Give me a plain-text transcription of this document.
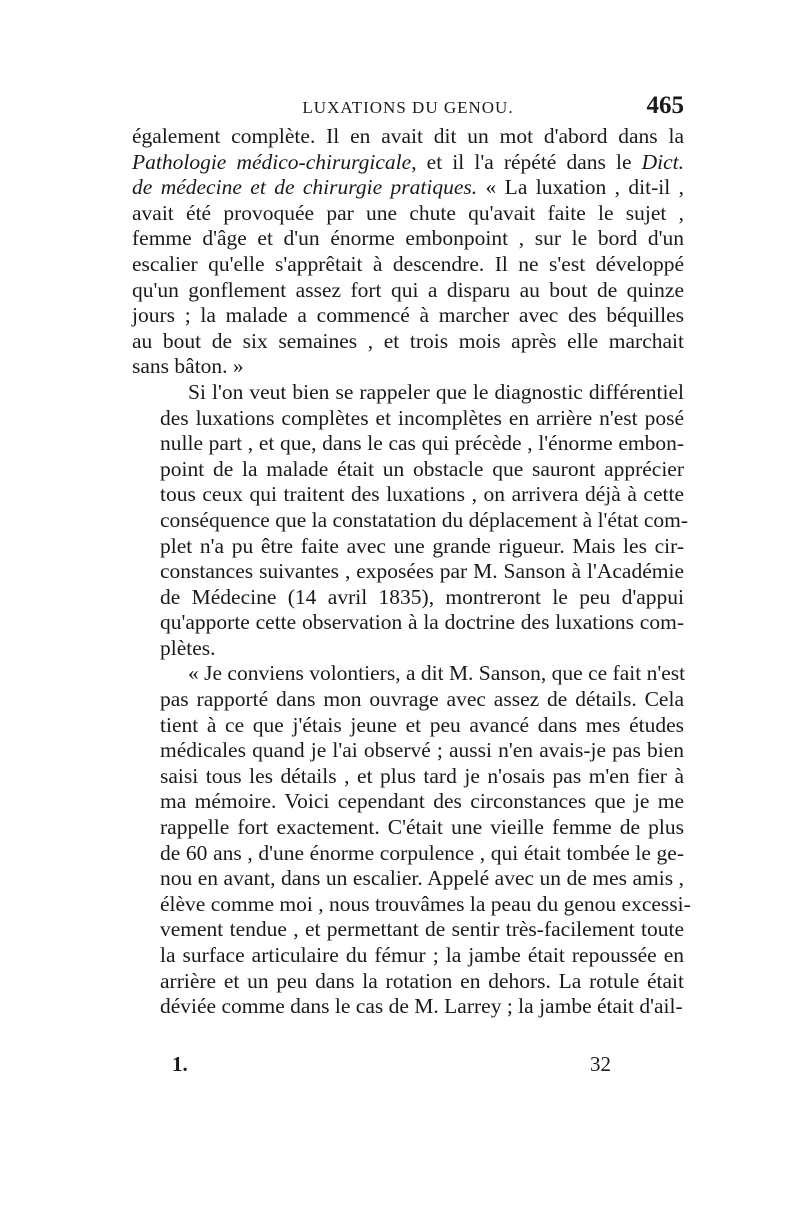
LUXATIONS DU GENOU.	465

également complète. Il en avait dit un mot d'abord dans la
Pathologie médico-chirurgicale, et il l'a répété dans le Dict.
de médecine et de chirurgie pratiques. « La luxation , dit-il ,
avait été provoquée par une chute qu'avait faite le sujet ,
femme d'âge et d'un énorme embonpoint , sur le bord d'un
escalier qu'elle s'apprêtait à descendre. Il ne s'est développé
qu'un gonflement assez fort qui a disparu au bout de quinze
jours ; la malade a commencé à marcher avec des béquilles
au bout de six semaines , et trois mois après elle marchait
sans bâton. »

Si l'on veut bien se rappeler que le diagnostic différentiel
des luxations complètes et incomplètes en arrière n'est posé
nulle part , et que, dans le cas qui précède , l'énorme embon-
point de la malade était un obstacle que sauront apprécier
tous ceux qui traitent des luxations , on arrivera déjà à cette
conséquence que la constatation du déplacement à l'état com-
plet n'a pu être faite avec une grande rigueur. Mais les cir-
constances suivantes , exposées par M. Sanson à l'Académie
de Médecine (14 avril 1835), montreront le peu d'appui
qu'apporte cette observation à la doctrine des luxations com-
plètes.

« Je conviens volontiers, a dit M. Sanson, que ce fait n'est
pas rapporté dans mon ouvrage avec assez de détails. Cela
tient à ce que j'étais jeune et peu avancé dans mes études
médicales quand je l'ai observé ; aussi n'en avais-je pas bien
saisi tous les détails , et plus tard je n'osais pas m'en fier à
ma mémoire. Voici cependant des circonstances que je me
rappelle fort exactement. C'était une vieille femme de plus
de 60 ans , d'une énorme corpulence , qui était tombée le ge-
nou en avant, dans un escalier. Appelé avec un de mes amis ,
élève comme moi , nous trouvâmes la peau du genou excessi-
vement tendue , et permettant de sentir très-facilement toute
la surface articulaire du fémur ; la jambe était repoussée en
arrière et un peu dans la rotation en dehors. La rotule était
déviée comme dans le cas de M. Larrey ; la jambe était d'ail-

1.	32
